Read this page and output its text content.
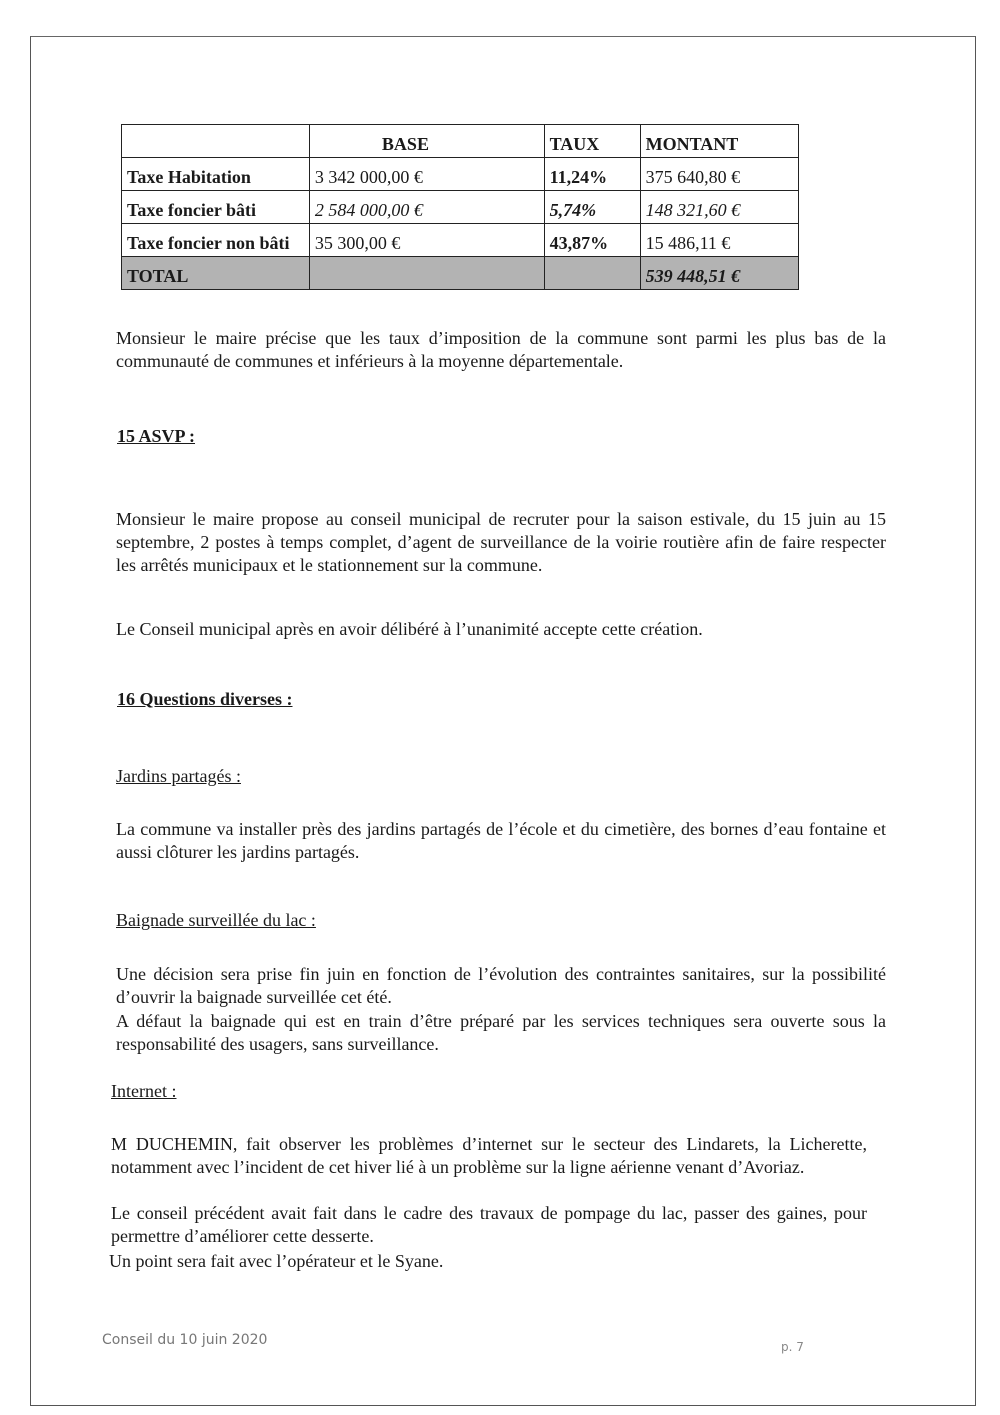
	BASE	TAUX	MONTANT
Taxe Habitation	3 342 000,00 €	11,24%	375 640,80 €
Taxe foncier bâti	2 584 000,00 €	5,74%	148 321,60 €
Taxe foncier non bâti	35 300,00 €	43,87%	15 486,11 €
TOTAL			539 448,51 €

Monsieur le maire précise que les taux d’imposition de la commune sont parmi les plus bas de la communauté de communes et inférieurs à la moyenne départementale.

15 ASVP :

Monsieur le maire propose au conseil municipal de recruter pour la saison estivale, du 15 juin au 15 septembre, 2 postes à temps complet, d’agent de surveillance de la voirie routière afin de faire respecter les arrêtés municipaux et le stationnement sur la commune.

Le Conseil municipal après en avoir délibéré à l’unanimité accepte cette création.

16 Questions diverses :

Jardins partagés :

La commune va installer près des jardins partagés de l’école et du cimetière, des bornes d’eau fontaine et aussi clôturer les jardins partagés.

Baignade surveillée du lac :

Une décision sera prise fin juin en fonction de l’évolution des contraintes sanitaires, sur la possibilité d’ouvrir la baignade surveillée cet été.

A défaut la baignade qui est en train d’être préparé par les services techniques sera ouverte sous la responsabilité des usagers, sans surveillance.

Internet :

M DUCHEMIN, fait observer les problèmes d’internet sur le secteur des Lindarets, la Licherette, notamment avec l’incident de cet hiver lié à un problème sur la ligne aérienne venant d’Avoriaz.

Le conseil précédent avait fait dans le cadre des travaux de pompage du lac, passer des gaines, pour permettre d’améliorer cette desserte.

Un point sera fait avec l’opérateur et le Syane.

Conseil du 10 juin 2020	p. 7
